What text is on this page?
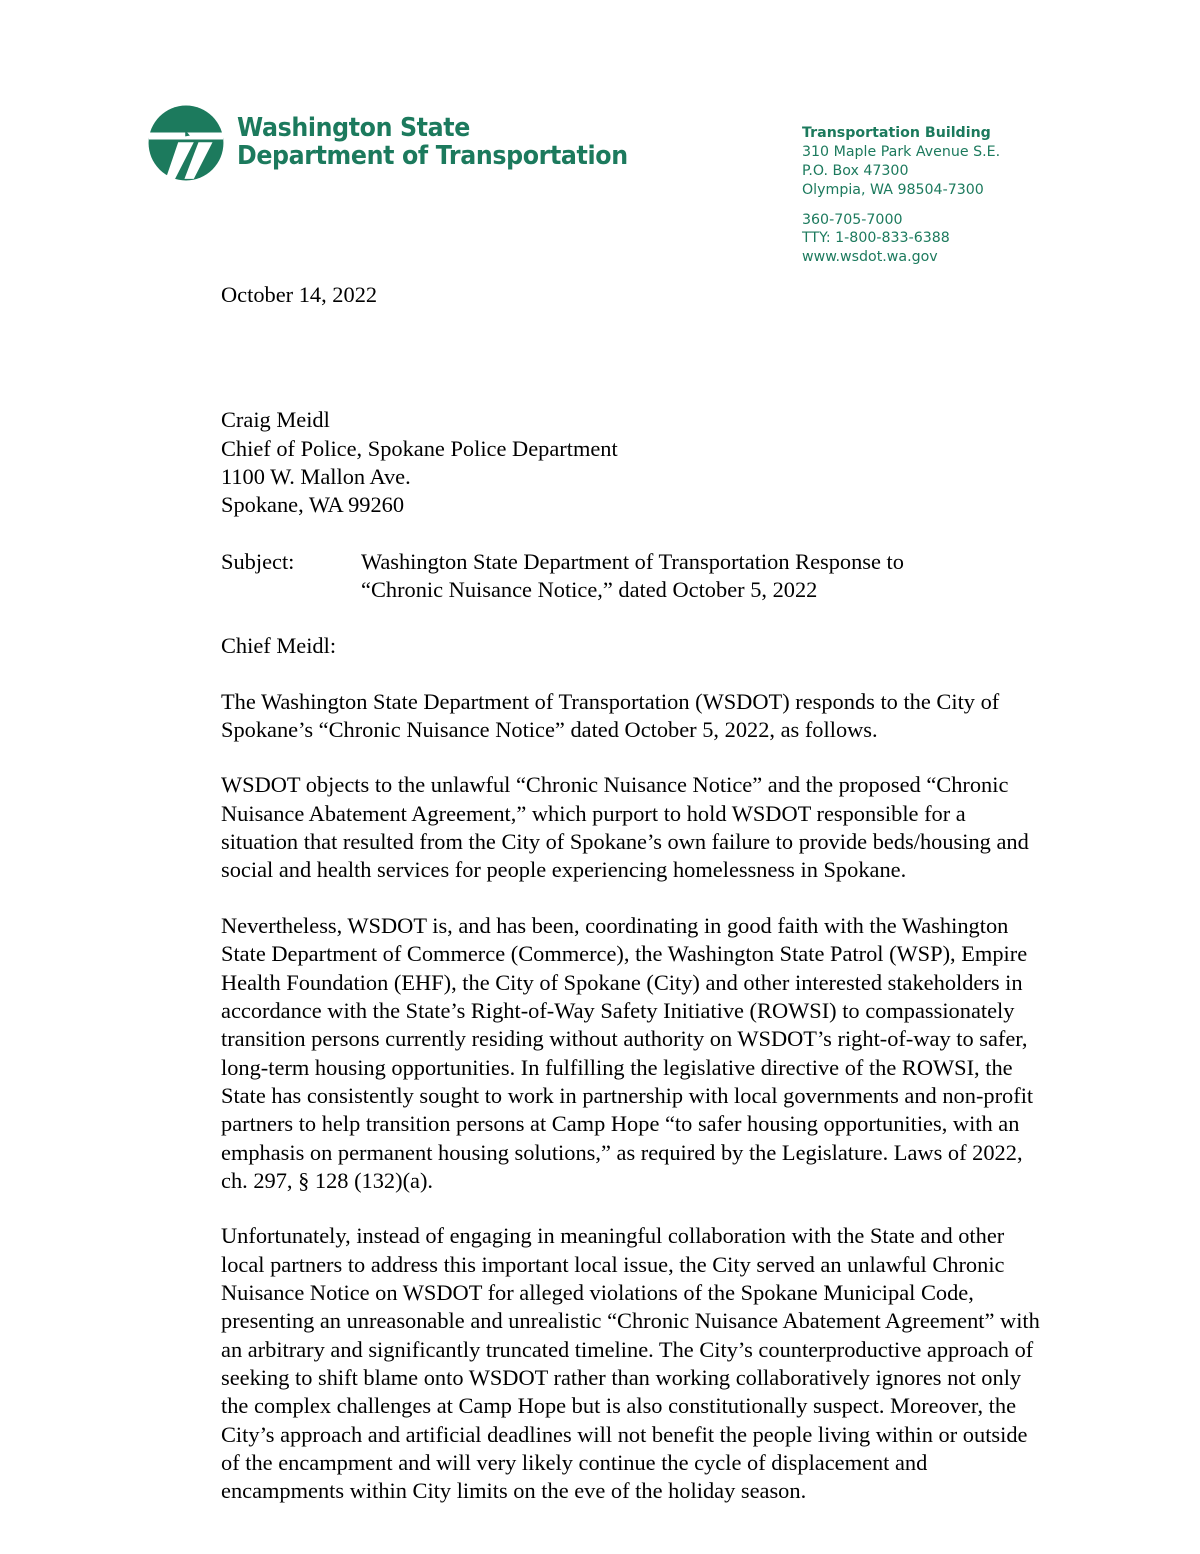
Washington State
Department of Transportation
Transportation Building
310 Maple Park Avenue S.E.
P.O. Box 47300
Olympia, WA 98504-7300
360-705-7000
TTY: 1-800-833-6388
www.wsdot.wa.gov

October 14, 2022

Craig Meidl
Chief of Police, Spokane Police Department
1100 W. Mallon Ave.
Spokane, WA 99260
Subject:	Washington State Department of Transportation Response to
“Chronic Nuisance Notice,” dated October 5, 2022

Chief Meidl:

The Washington State Department of Transportation (WSDOT) responds to the City of Spokane’s “Chronic Nuisance Notice” dated October 5, 2022, as follows.

WSDOT objects to the unlawful “Chronic Nuisance Notice” and the proposed “Chronic Nuisance Abatement Agreement,” which purport to hold WSDOT responsible for a situation that resulted from the City of Spokane’s own failure to provide beds/housing and social and health services for people experiencing homelessness in Spokane.

Nevertheless, WSDOT is, and has been, coordinating in good faith with the Washington State Department of Commerce (Commerce), the Washington State Patrol (WSP), Empire Health Foundation (EHF), the City of Spokane (City) and other interested stakeholders in accordance with the State’s Right-of-Way Safety Initiative (ROWSI) to compassionately transition persons currently residing without authority on WSDOT’s right-of-way to safer, long-term housing opportunities. In fulfilling the legislative directive of the ROWSI, the State has consistently sought to work in partnership with local governments and non-profit partners to help transition persons at Camp Hope “to safer housing opportunities, with an emphasis on permanent housing solutions,” as required by the Legislature. Laws of 2022, ch. 297, § 128 (132)(a).

Unfortunately, instead of engaging in meaningful collaboration with the State and other local partners to address this important local issue, the City served an unlawful Chronic Nuisance Notice on WSDOT for alleged violations of the Spokane Municipal Code, presenting an unreasonable and unrealistic “Chronic Nuisance Abatement Agreement” with an arbitrary and significantly truncated timeline. The City’s counterproductive approach of seeking to shift blame onto WSDOT rather than working collaboratively ignores not only the complex challenges at Camp Hope but is also constitutionally suspect. Moreover, the City’s approach and artificial deadlines will not benefit the people living within or outside of the encampment and will very likely continue the cycle of displacement and encampments within City limits on the eve of the holiday season.
